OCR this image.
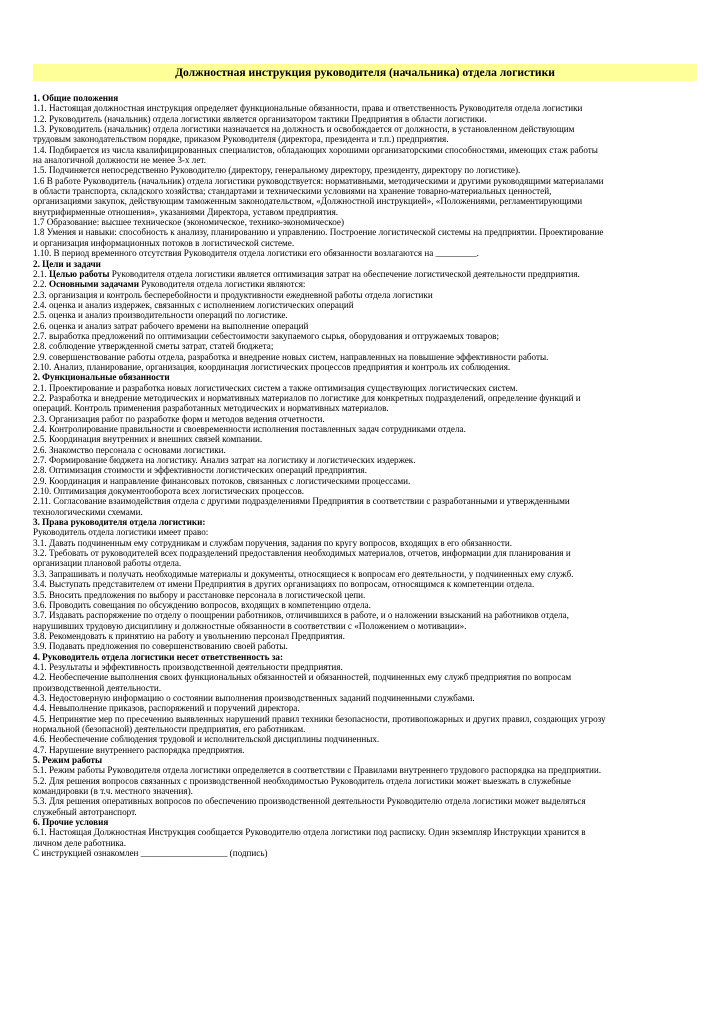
Должностная инструкция руководителя (начальника) отдела логистики
1. Общие положения
1.1. Настоящая должностная инструкция определяет функциональные обязанности, права и ответственность Руководителя отдела логистики
1.2. Руководитель (начальник) отдела логистики является организатором тактики Предприятия в области логистики.
1.3. Руководитель (начальник) отдела логистики назначается на должность и освобождается от должности, в установленном действующим
трудовым законодательством порядке, приказом Руководителя (директора, президента и т.п.) предприятия.
1.4. Подбирается из числа квалифицированных специалистов, обладающих хорошими организаторскими способностями, имеющих стаж работы
на аналогичной должности не менее 3-х лет.
1.5. Подчиняется непосредственно Руководителю (директору, генеральному директору, президенту, директору по логистике).
1.6 В работе Руководитель (начальник) отдела логистики руководствуется: нормативными, методическими и другими руководящими материалами
в области транспорта, складского хозяйства; стандартами и техническими условиями на хранение товарно-материальных ценностей,
организациями закупок, действующим таможенным законодательством, «Должностной инструкцией», «Положениями, регламентирующими
внутрифирменные отношения», указаниями Директора, уставом предприятия.
1.7 Образование: высшее техническое (экономическое, технико-экономическое)
1.8 Умения и навыки: способность к анализу, планированию и управлению. Построение логистической системы на предприятии. Проектирование
и организация информационных потоков в логистической системе.
1.10. В период временного отсутствия Руководителя отдела логистики его обязанности возлагаются на _________.
2. Цели и задачи
2.1. Целью работы Руководителя отдела логистики является оптимизация затрат на обеспечение логистической деятельности предприятия.
2.2. Основными задачами Руководителя отдела логистики являются:
2.3. организация и контроль бесперебойности и продуктивности ежедневной работы отдела логистики
2.4. оценка и анализ издержек, связанных с исполнением логистических операций
2.5. оценка и анализ производительности операций по логистике.
2.6. оценка и анализ затрат рабочего времени на выполнение операций
2.7. выработка предложений по оптимизации себестоимости закупаемого сырья, оборудования и отгружаемых товаров;
2.8. соблюдение утвержденной сметы затрат, статей бюджета;
2.9. совершенствование работы отдела, разработка и внедрение новых систем, направленных на повышение эффективности работы.
2.10. Анализ, планирование, организация, координация логистических процессов предприятия и контроль их соблюдения.
2. Функциональные обязанности
2.1. Проектирование и разработка новых логистических систем а также оптимизация существующих логистических систем.
2.2. Разработка и внедрение методических и нормативных материалов по логистике для конкретных подразделений, определение функций и
операций. Контроль применения разработанных методических и нормативных материалов.
2.3. Организация работ по разработке форм и методов ведения отчетности.
2.4. Контролирование правильности и своевременности исполнения поставленных задач сотрудниками отдела.
2.5. Координация внутренних и внешних связей компании.
2.6. Знакомство персонала с основами логистики.
2.7. Формирование бюджета на логистику. Анализ затрат на логистику и логистических издержек.
2.8. Оптимизация стоимости и эффективности логистических операций предприятия.
2.9. Координация и направление финансовых потоков, связанных с логистическими процессами.
2.10. Оптимизация документооборота всех логистических процессов.
2.11. Согласование взаимодействия отдела с другими подразделениями Предприятия в соответствии с разработанными и утвержденными
технологическими схемами.
3. Права руководителя отдела логистики:
Руководитель отдела логистики имеет право:
3.1. Давать подчиненным ему сотрудникам и службам поручения, задания по кругу вопросов, входящих в его обязанности.
3.2. Требовать от руководителей всех подразделений предоставления необходимых материалов, отчетов, информации для планирования и
организации плановой работы отдела.
3.3. Запрашивать и получать необходимые материалы и документы, относящиеся к вопросам его деятельности, у подчиненных ему служб.
3.4. Выступать представителем от имени Предприятия в других организациях по вопросам, относящимся к компетенции отдела.
3.5. Вносить предложения по выбору и расстановке персонала в логистической цепи.
3.6. Проводить совещания по обсуждению вопросов, входящих в компетенцию отдела.
3.7. Издавать распоряжение по отделу о поощрении работников, отличившихся в работе, и о наложении взысканий на работников отдела,
нарушивших трудовую дисциплину и должностные обязанности в соответствии с «Положением о мотивации».
3.8. Рекомендовать к принятию на работу и увольнению персонал Предприятия.
3.9. Подавать предложения по совершенствованию своей работы.
4. Руководитель отдела логистики несет ответственность за:
4.1. Результаты и эффективность производственной деятельности предприятия.
4.2. Необеспечение выполнения своих функциональных обязанностей и обязанностей, подчиненных ему служб предприятия по вопросам
производственной деятельности.
4.3. Недостоверную информацию о состоянии выполнения производственных заданий подчиненными службами.
4.4. Невыполнение приказов, распоряжений и поручений директора.
4.5. Непринятие мер по пресечению выявленных нарушений правил техники безопасности, противопожарных и других правил, создающих угрозу
нормальной (безопасной) деятельности предприятия, его работникам.
4.6. Необеспечение соблюдения трудовой и исполнительской дисциплины подчиненных.
4.7. Нарушение внутреннего распорядка предприятия.
5. Режим работы
5.1. Режим работы Руководителя отдела логистики определяется в соответствии с Правилами внутреннего трудового распорядка на предприятии.
5.2. Для решения вопросов связанных с производственной необходимостью Руководитель отдела логистики может выезжать в служебные
командировки (в т.ч. местного значения).
5.3. Для решения оперативных вопросов по обеспечению производственной деятельности Руководителю отдела логистики может выделяться
служебный автотранспорт.
6. Прочие условия
6.1. Настоящая Должностная Инструкция сообщается Руководителю отдела логистики под расписку. Один экземпляр Инструкции хранится в
личном деле работника.
С инструкцией ознакомлен ___________________ (подпись)
